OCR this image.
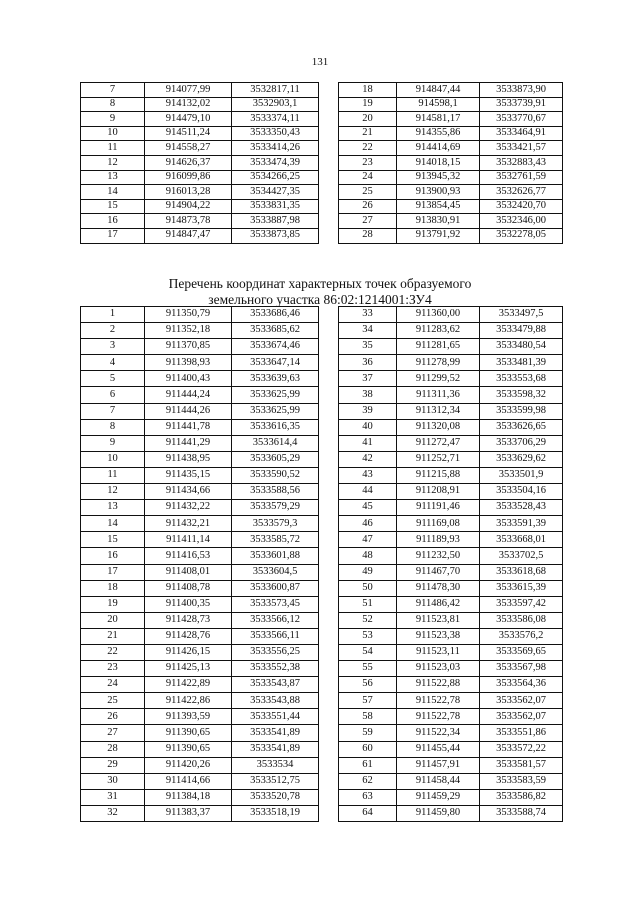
131
7	914077,99	3532817,11
8	914132,02	3532903,1
9	914479,10	3533374,11
10	914511,24	3533350,43
11	914558,27	3533414,26
12	914626,37	3533474,39
13	916099,86	3534266,25
14	916013,28	3534427,35
15	914904,22	3533831,35
16	914873,78	3533887,98
17	914847,47	3533873,85
18	914847,44	3533873,90
19	914598,1	3533739,91
20	914581,17	3533770,67
21	914355,86	3533464,91
22	914414,69	3533421,57
23	914018,15	3532883,43
24	913945,32	3532761,59
25	913900,93	3532626,77
26	913854,45	3532420,70
27	913830,91	3532346,00
28	913791,92	3532278,05
Перечень координат характерных точек образуемого
земельного участка 86:02:1214001:ЗУ4
1	911350,79	3533686,46
2	911352,18	3533685,62
3	911370,85	3533674,46
4	911398,93	3533647,14
5	911400,43	3533639,63
6	911444,24	3533625,99
7	911444,26	3533625,99
8	911441,78	3533616,35
9	911441,29	3533614,4
10	911438,95	3533605,29
11	911435,15	3533590,52
12	911434,66	3533588,56
13	911432,22	3533579,29
14	911432,21	3533579,3
15	911411,14	3533585,72
16	911416,53	3533601,88
17	911408,01	3533604,5
18	911408,78	3533600,87
19	911400,35	3533573,45
20	911428,73	3533566,12
21	911428,76	3533566,11
22	911426,15	3533556,25
23	911425,13	3533552,38
24	911422,89	3533543,87
25	911422,86	3533543,88
26	911393,59	3533551,44
27	911390,65	3533541,89
28	911390,65	3533541,89
29	911420,26	3533534
30	911414,66	3533512,75
31	911384,18	3533520,78
32	911383,37	3533518,19
33	911360,00	3533497,5
34	911283,62	3533479,88
35	911281,65	3533480,54
36	911278,99	3533481,39
37	911299,52	3533553,68
38	911311,36	3533598,32
39	911312,34	3533599,98
40	911320,08	3533626,65
41	911272,47	3533706,29
42	911252,71	3533629,62
43	911215,88	3533501,9
44	911208,91	3533504,16
45	911191,46	3533528,43
46	911169,08	3533591,39
47	911189,93	3533668,01
48	911232,50	3533702,5
49	911467,70	3533618,68
50	911478,30	3533615,39
51	911486,42	3533597,42
52	911523,81	3533586,08
53	911523,38	3533576,2
54	911523,11	3533569,65
55	911523,03	3533567,98
56	911522,88	3533564,36
57	911522,78	3533562,07
58	911522,78	3533562,07
59	911522,34	3533551,86
60	911455,44	3533572,22
61	911457,91	3533581,57
62	911458,44	3533583,59
63	911459,29	3533586,82
64	911459,80	3533588,74
